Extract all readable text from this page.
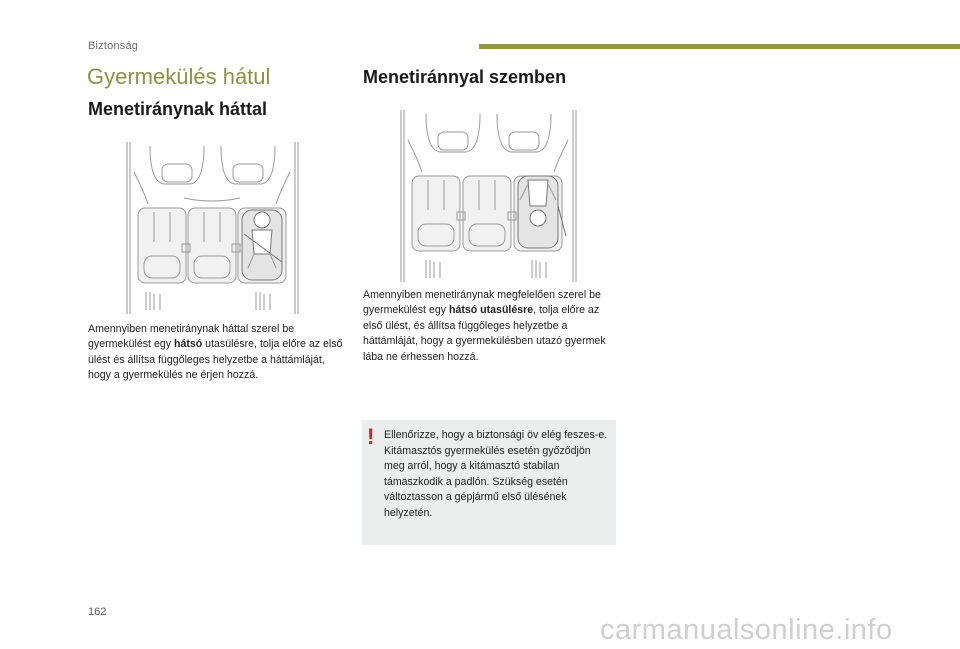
Biztonság
Gyermekülés hátul
Menetiránynak háttal

Amennyiben menetiránynak háttal szerel be gyermekülést egy hátsó utasülésre, tolja előre az első ülést és állítsa függőleges helyzetbe a háttámláját, hogy a gyermekülés ne érjen hozzá.

Menetiránnyal szemben

Amennyiben menetiránynak megfelelően szerel be gyermekülést egy hátsó utasülésre, tolja előre az első ülést, és állítsa függőleges helyzetbe a háttámláját, hogy a gyermekülésben utazó gyermek lába ne érhessen hozzá.

! Ellenőrizze, hogy a biztonsági öv elég feszes-e.
Kitámasztós gyermekülés esetén győződjön meg arról, hogy a kitámasztó stabilan támaszkodik a padlón. Szükség esetén változtasson a gépjármű első ülésének helyzetén.

162
carmanualsonline.info
